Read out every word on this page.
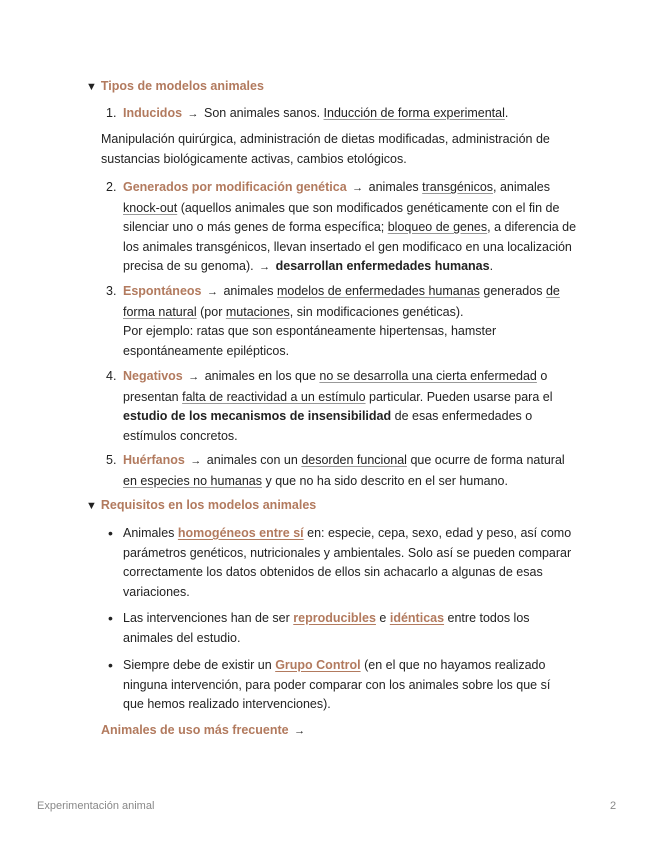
▼ Tipos de modelos animales
1. Inducidos → Son animales sanos. Inducción de forma experimental.
Manipulación quirúrgica, administración de dietas modificadas, administración de sustancias biológicamente activas, cambios etológicos.
2. Generados por modificación genética → animales transgénicos, animales knock-out (aquellos animales que son modificados genéticamente con el fin de silenciar uno o más genes de forma específica; bloqueo de genes, a diferencia de los animales transgénicos, llevan insertado el gen modificaco en una localización precisa de su genoma). → desarrollan enfermedades humanas.
3. Espontáneos → animales modelos de enfermedades humanas generados de forma natural (por mutaciones, sin modificaciones genéticas).
Por ejemplo: ratas que son espontáneamente hipertensas, hamster espontáneamente epilépticos.
4. Negativos → animales en los que no se desarrolla una cierta enfermedad o presentan falta de reactividad a un estímulo particular. Pueden usarse para el estudio de los mecanismos de insensibilidad de esas enfermedades o estímulos concretos.
5. Huérfanos → animales con un desorden funcional que ocurre de forma natural en especies no humanas y que no ha sido descrito en el ser humano.
▼ Requisitos en los modelos animales
• Animales homogéneos entre sí en: especie, cepa, sexo, edad y peso, así como parámetros genéticos, nutricionales y ambientales. Solo así se pueden comparar correctamente los datos obtenidos de ellos sin achacarlo a algunas de esas variaciones.
• Las intervenciones han de ser reproducibles e idénticas entre todos los animales del estudio.
• Siempre debe de existir un Grupo Control (en el que no hayamos realizado ninguna intervención, para poder comparar con los animales sobre los que sí que hemos realizado intervenciones).
Animales de uso más frecuente →
Experimentación animal	2
